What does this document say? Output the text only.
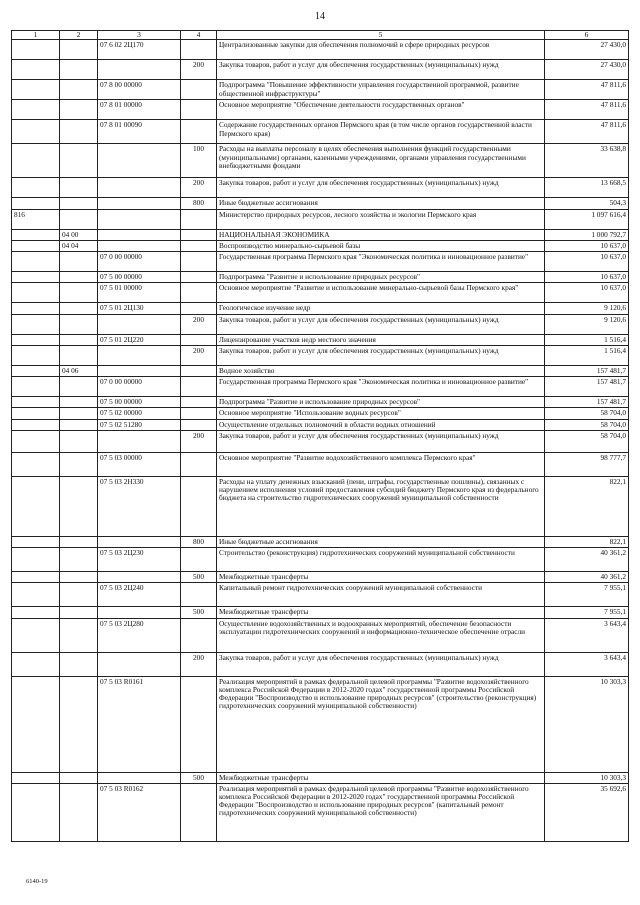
14
1	2	3	4	5	6
		07 6 02 2Ц170		Централизованные закупки для обеспечения полномочий в сфере природных ресурсов	27 430,0
			200	Закупка товаров, работ и услуг для обеспечения государственных (муниципальных) нужд	27 430,0
		07 8 00 00000		Подпрограмма "Повышение эффективности управления государственной программой, развитие общественной инфраструктуры"	47 811,6
		07 8 01 00000		Основное мероприятие "Обеспечение деятельности государственных органов"	47 811,6
		07 8 01 00090		Содержание государственных органов Пермского края (в том числе органов государственной власти Пермского края)	47 811,6
			100	Расходы на выплаты персоналу в целях обеспечения выполнения функций государственными (муниципальными) органами, казенными учреждениями, органами управления государственными внебюджетными фондами	33 638,8
			200	Закупка товаров, работ и услуг для обеспечения государственных (муниципальных) нужд	13 668,5
			800	Иные бюджетные ассигнования	504,3
816				Министерство природных ресурсов, лесного хозяйства и экологии Пермского края	1 097 616,4
	04 00			НАЦИОНАЛЬНАЯ ЭКОНОМИКА	1 000 792,7
	04 04			Воспроизводство минерально-сырьевой базы	10 637,0
		07 0 00 00000		Государственная программа Пермского края "Экономическая политика и инновационное развитие"	10 637,0
		07 5 00 00000		Подпрограмма "Развитие и использование природных ресурсов"	10 637,0
		07 5 01 00000		Основное мероприятие "Развитие и использование минерально-сырьевой базы Пермского края"	10 637,0
		07 5 01 2Ц130		Геологическое изучение недр	9 120,6
			200	Закупка товаров, работ и услуг для обеспечения государственных (муниципальных) нужд	9 120,6
		07 5 01 2Ц220		Лицензирование участков недр местного значения	1 516,4
			200	Закупка товаров, работ и услуг для обеспечения государственных (муниципальных) нужд	1 516,4
	04 06			Водное хозяйство	157 481,7
		07 0 00 00000		Государственная программа Пермского края "Экономическая политика и инновационное развитие"	157 481,7
		07 5 00 00000		Подпрограмма "Развитие и использование природных ресурсов"	157 481,7
		07 5 02 00000		Основное мероприятие "Использование водных ресурсов"	58 704,0
		07 5 02 51280		Осуществление отдельных полномочий в области водных отношений	58 704,0
			200	Закупка товаров, работ и услуг для обеспечения государственных (муниципальных) нужд	58 704,0
		07 5 03 00000		Основное мероприятие "Развитие водохозяйственного комплекса Пермского края"	98 777,7
		07 5 03 2Н330		Расходы на уплату денежных взысканий (пени, штрафы, государственные пошлины), связанных с нарушением исполнения условий предоставления субсидий бюджету Пермского края из федерального бюджета на строительство гидротехнических сооружений муниципальной собственности	822,1
			800	Иные бюджетные ассигнования	822,1
		07 5 03 2Ц230		Строительство (реконструкция) гидротехнических сооружений муниципальной собственности	40 361,2
			500	Межбюджетные трансферты	40 361,2
		07 5 03 2Ц240		Капитальный ремонт гидротехнических сооружений муниципальной собственности	7 955,1
			500	Межбюджетные трансферты	7 955,1
		07 5 03 2Ц280		Осуществление водохозяйственных и водоохранных мероприятий, обеспечение безопасности эксплуатации гидротехнических сооружений и информационно-техническое обеспечение отрасли	3 643,4
			200	Закупка товаров, работ и услуг для обеспечения государственных (муниципальных) нужд	3 643,4
		07 5 03 R0161		Реализация мероприятий в рамках федеральной целевой программы "Развитие водохозяйственного комплекса Российской Федерации в 2012-2020 годах" государственной программы Российской Федерации "Воспроизводство и использование природных ресурсов" (строительство (реконструкция) гидротехнических сооружений муниципальной собственности)	10 303,3
			500	Межбюджетные трансферты	10 303,3
		07 5 03 R0162		Реализация мероприятий в рамках федеральной целевой программы "Развитие водохозяйственного комплекса Российской Федерации в 2012-2020 годах" государственной программы Российской Федерации "Воспроизводство и использование природных ресурсов" (капитальный ремонт гидротехнических сооружений муниципальной собственности)	35 692,6
6140-19
